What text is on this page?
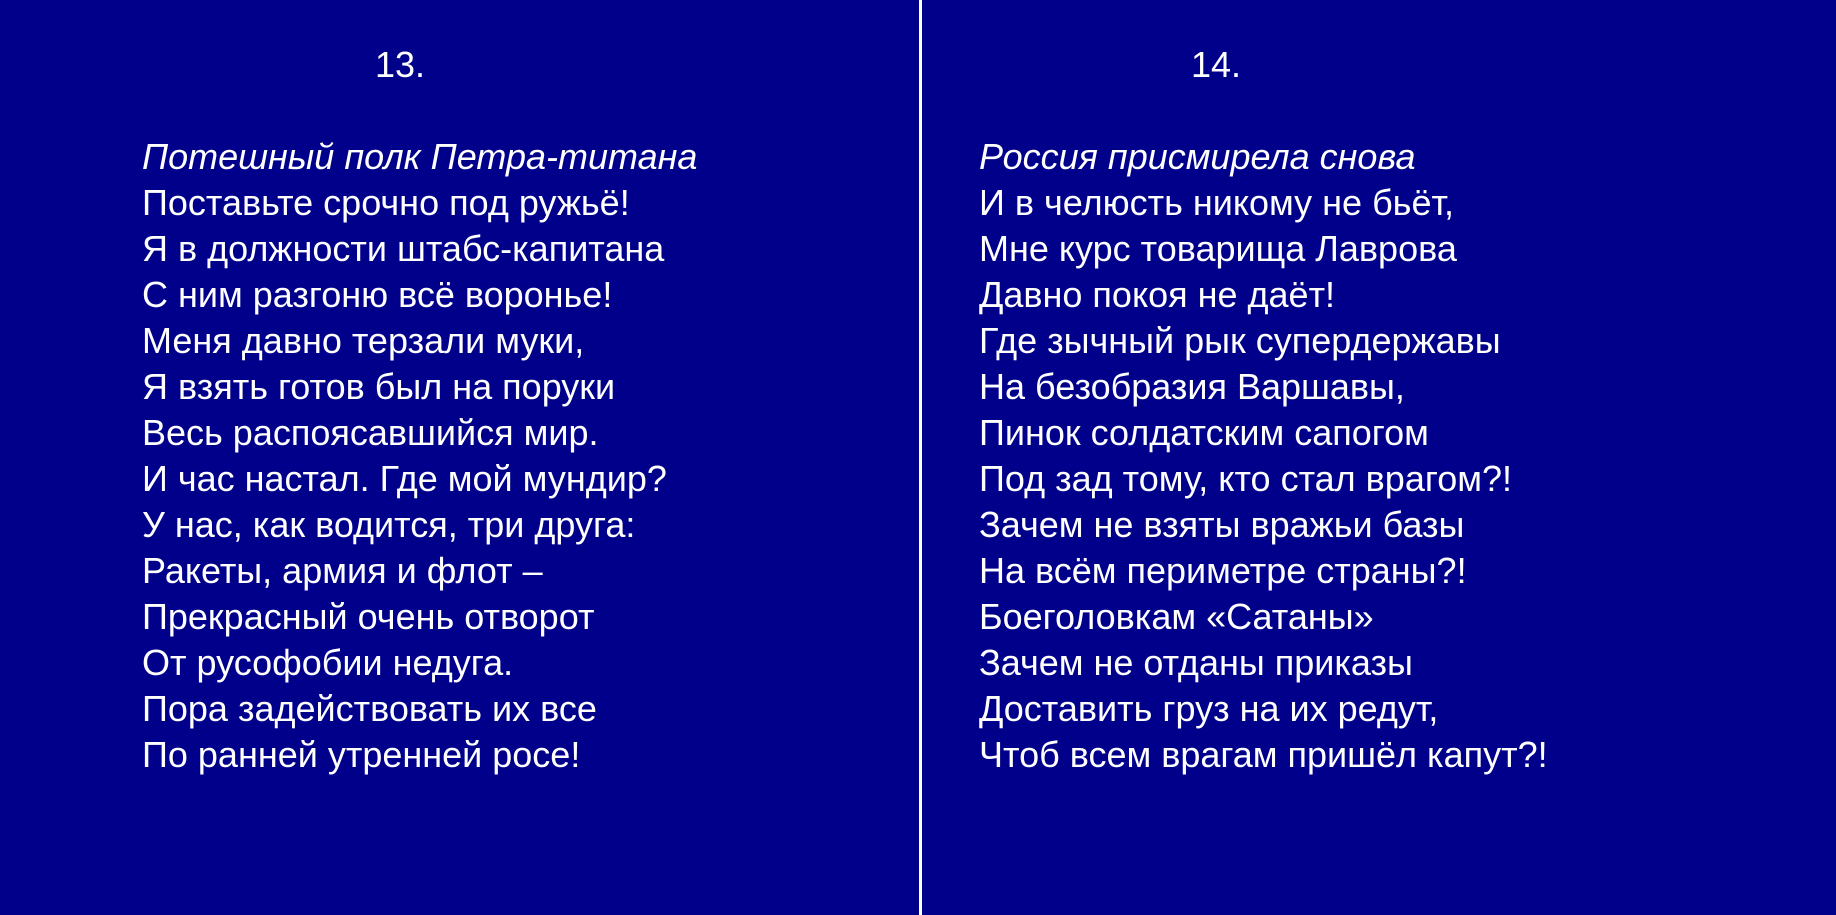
13.
Потешный полк Петра-титана
Поставьте срочно под ружьё!
Я в должности штабс-капитана
С ним разгоню всё воронье!
Меня давно терзали муки,
Я взять готов был на поруки
Весь распоясавшийся мир.
И час настал. Где мой мундир?
У нас, как водится, три друга:
Ракеты, армия и флот –
Прекрасный очень отворот
От русофобии недуга.
Пора задействовать их все
По ранней утренней росе!
14.
Россия присмирела снова
И в челюсть никому не бьёт,
Мне курс товарища Лаврова
Давно покоя не даёт!
Где зычный рык супердержавы
На безобразия Варшавы,
Пинок солдатским сапогом
Под зад тому, кто стал врагом?!
Зачем не взяты вражьи базы
На всём периметре страны?!
Боеголовкам «Сатаны»
Зачем не отданы приказы
Доставить груз на их редут,
Чтоб всем врагам пришёл капут?!
